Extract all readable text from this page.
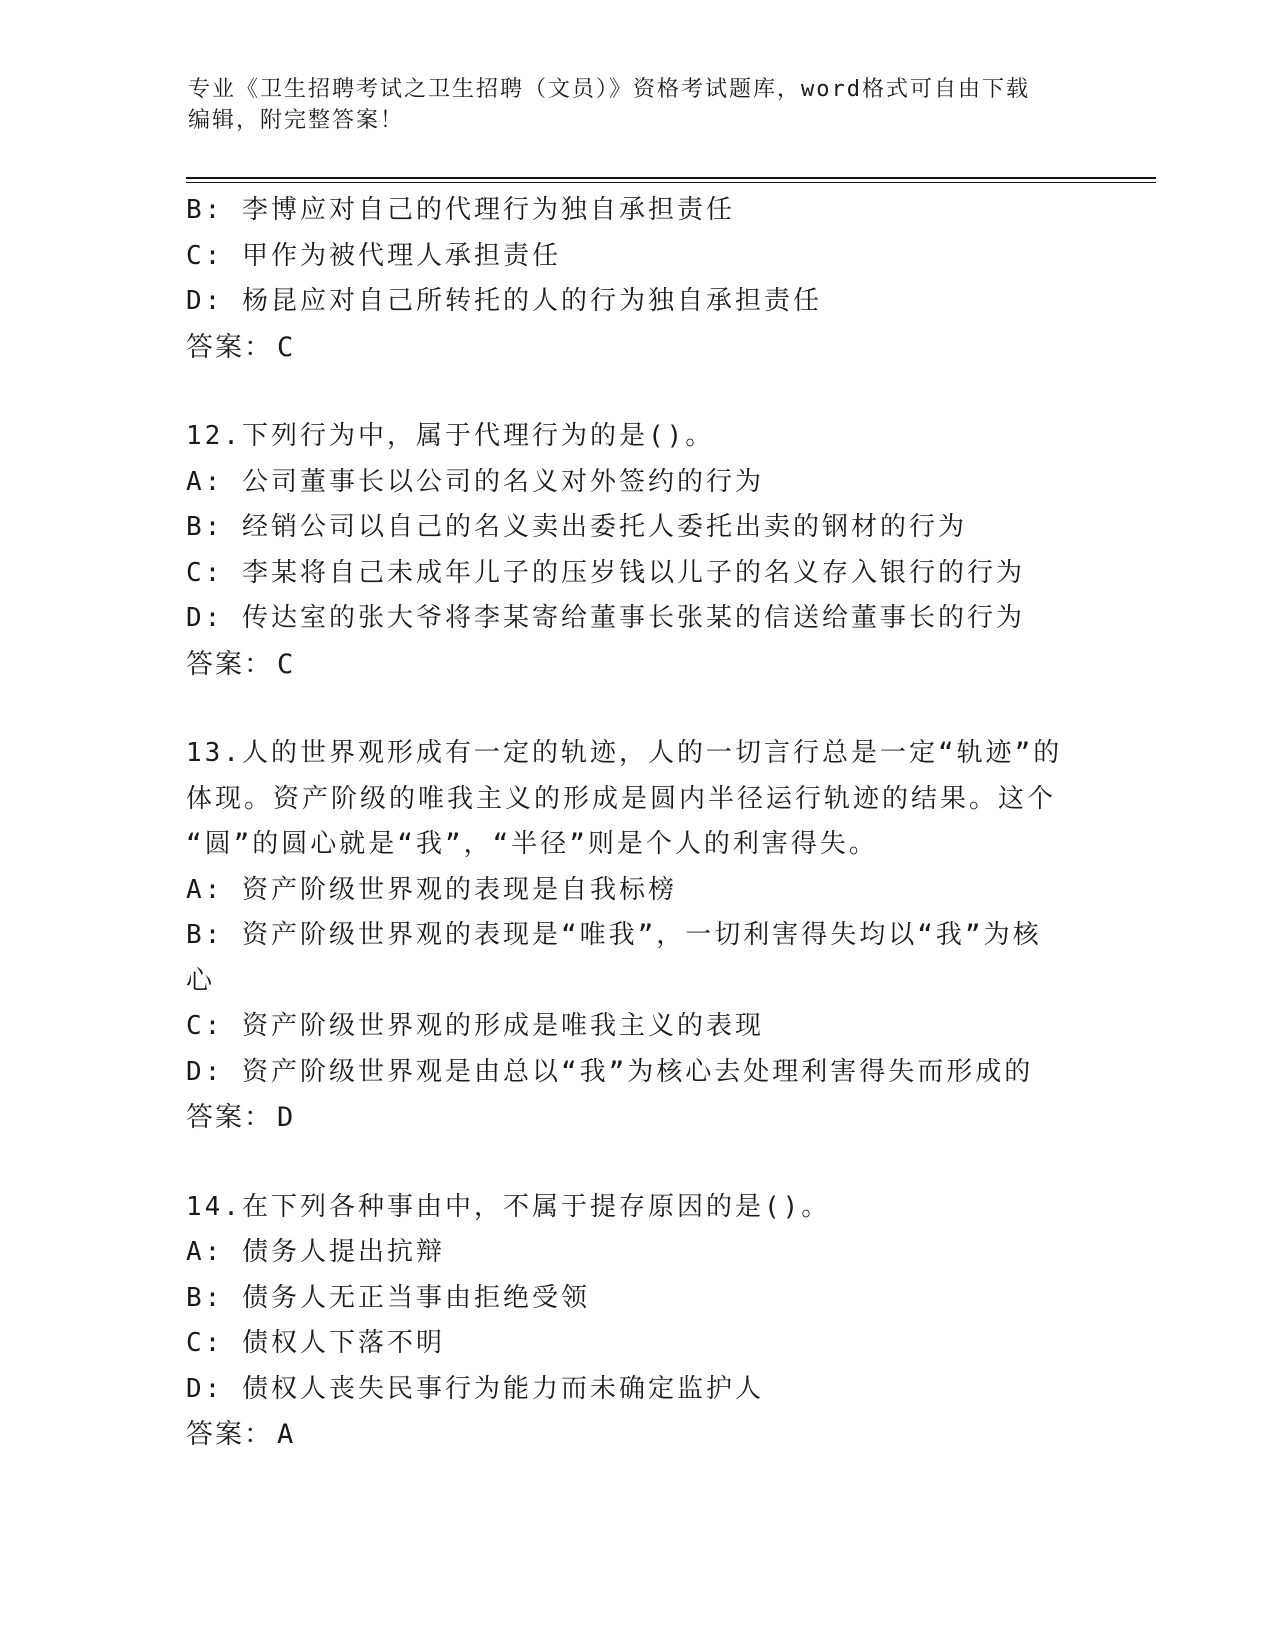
专业《卫生招聘考试之卫生招聘（文员）》资格考试题库，word格式可自由下载
编辑，附完整答案！
B: 李博应对自己的代理行为独自承担责任
C: 甲作为被代理人承担责任
D: 杨昆应对自己所转托的人的行为独自承担责任
答案： C
12.下列行为中，属于代理行为的是()。
A: 公司董事长以公司的名义对外签约的行为
B: 经销公司以自己的名义卖出委托人委托出卖的钢材的行为
C: 李某将自己未成年儿子的压岁钱以儿子的名义存入银行的行为
D: 传达室的张大爷将李某寄给董事长张某的信送给董事长的行为
答案： C
13.人的世界观形成有一定的轨迹，人的一切言行总是一定“轨迹”的
体现。资产阶级的唯我主义的形成是圆内半径运行轨迹的结果。这个
“圆”的圆心就是“我”，“半径”则是个人的利害得失。
A: 资产阶级世界观的表现是自我标榜
B: 资产阶级世界观的表现是“唯我”，一切利害得失均以“我”为核
心
C: 资产阶级世界观的形成是唯我主义的表现
D: 资产阶级世界观是由总以“我”为核心去处理利害得失而形成的
答案： D
14.在下列各种事由中，不属于提存原因的是()。
A: 债务人提出抗辩
B: 债务人无正当事由拒绝受领
C: 债权人下落不明
D: 债权人丧失民事行为能力而未确定监护人
答案： A
